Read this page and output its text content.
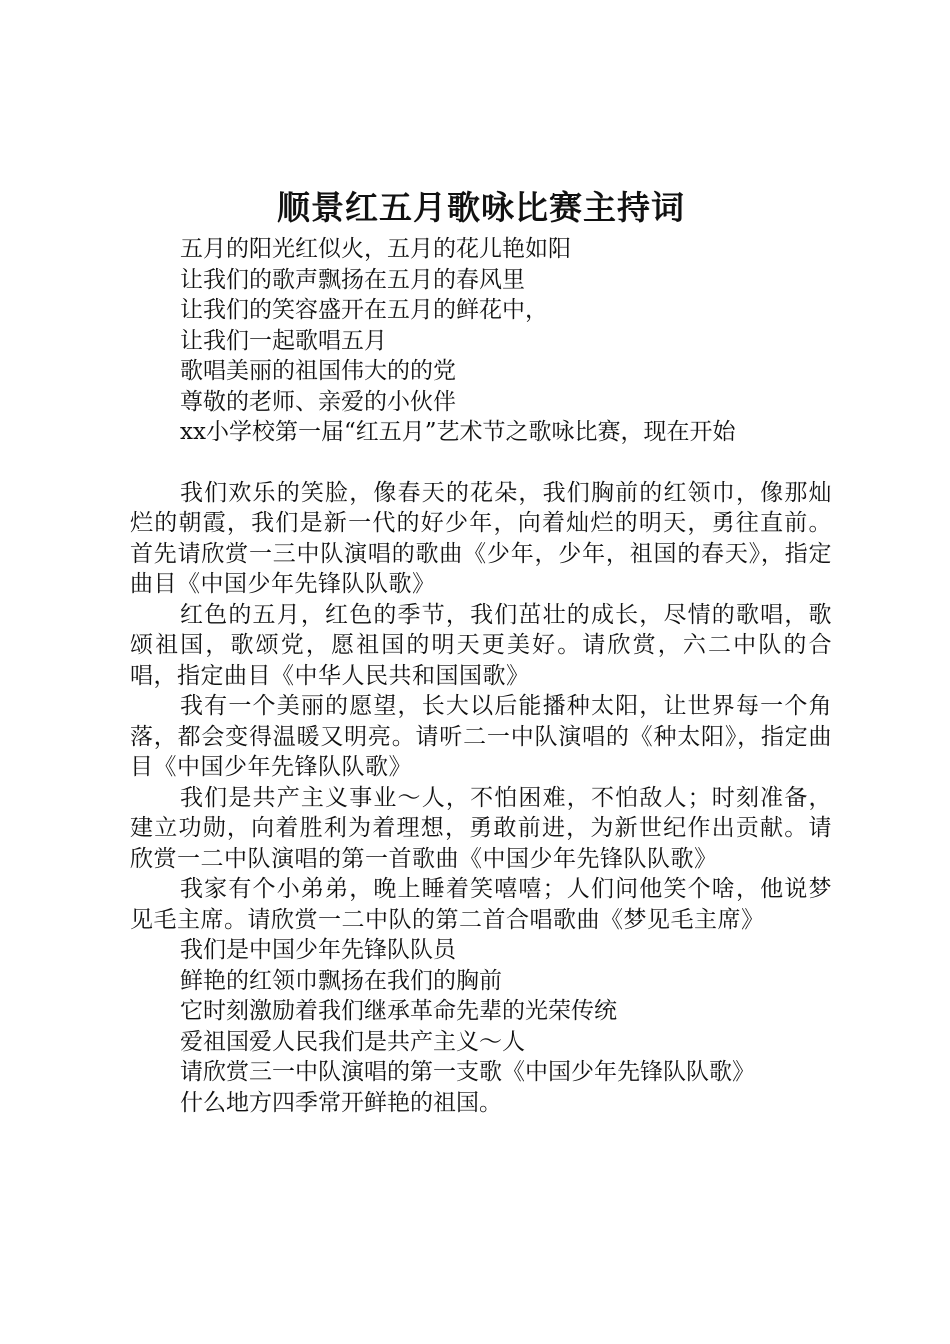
顺景红五月歌咏比赛主持词

五月的阳光红似火，五月的花儿艳如阳

让我们的歌声飘扬在五月的春风里

让我们的笑容盛开在五月的鲜花中，

让我们一起歌唱五月

歌唱美丽的祖国伟大的的党

尊敬的老师、亲爱的小伙伴

xx小学校第一届“红五月”艺术节之歌咏比赛，现在开始

我们欢乐的笑脸，像春天的花朵，我们胸前的红领巾，像那灿烂的朝霞，我们是新一代的好少年，向着灿烂的明天，勇往直前。首先请欣赏一三中队演唱的歌曲《少年，少年，祖国的春天》，指定曲目《中国少年先锋队队歌》

红色的五月，红色的季节，我们茁壮的成长，尽情的歌唱，歌颂祖国，歌颂党，愿祖国的明天更美好。请欣赏，六二中队的合唱，指定曲目《中华人民共和国国歌》

我有一个美丽的愿望，长大以后能播种太阳，让世界每一个角落，都会变得温暖又明亮。请听二一中队演唱的《种太阳》，指定曲目《中国少年先锋队队歌》

我们是共产主义事业～人，不怕困难，不怕敌人；时刻准备，建立功勋，向着胜利为着理想，勇敢前进，为新世纪作出贡献。请欣赏一二中队演唱的第一首歌曲《中国少年先锋队队歌》

我家有个小弟弟，晚上睡着笑嘻嘻；人们问他笑个啥，他说梦见毛主席。请欣赏一二中队的第二首合唱歌曲《梦见毛主席》

我们是中国少年先锋队队员

鲜艳的红领巾飘扬在我们的胸前

它时刻激励着我们继承革命先辈的光荣传统

爱祖国爱人民我们是共产主义～人

请欣赏三一中队演唱的第一支歌《中国少年先锋队队歌》

什么地方四季常开鲜艳的祖国。
